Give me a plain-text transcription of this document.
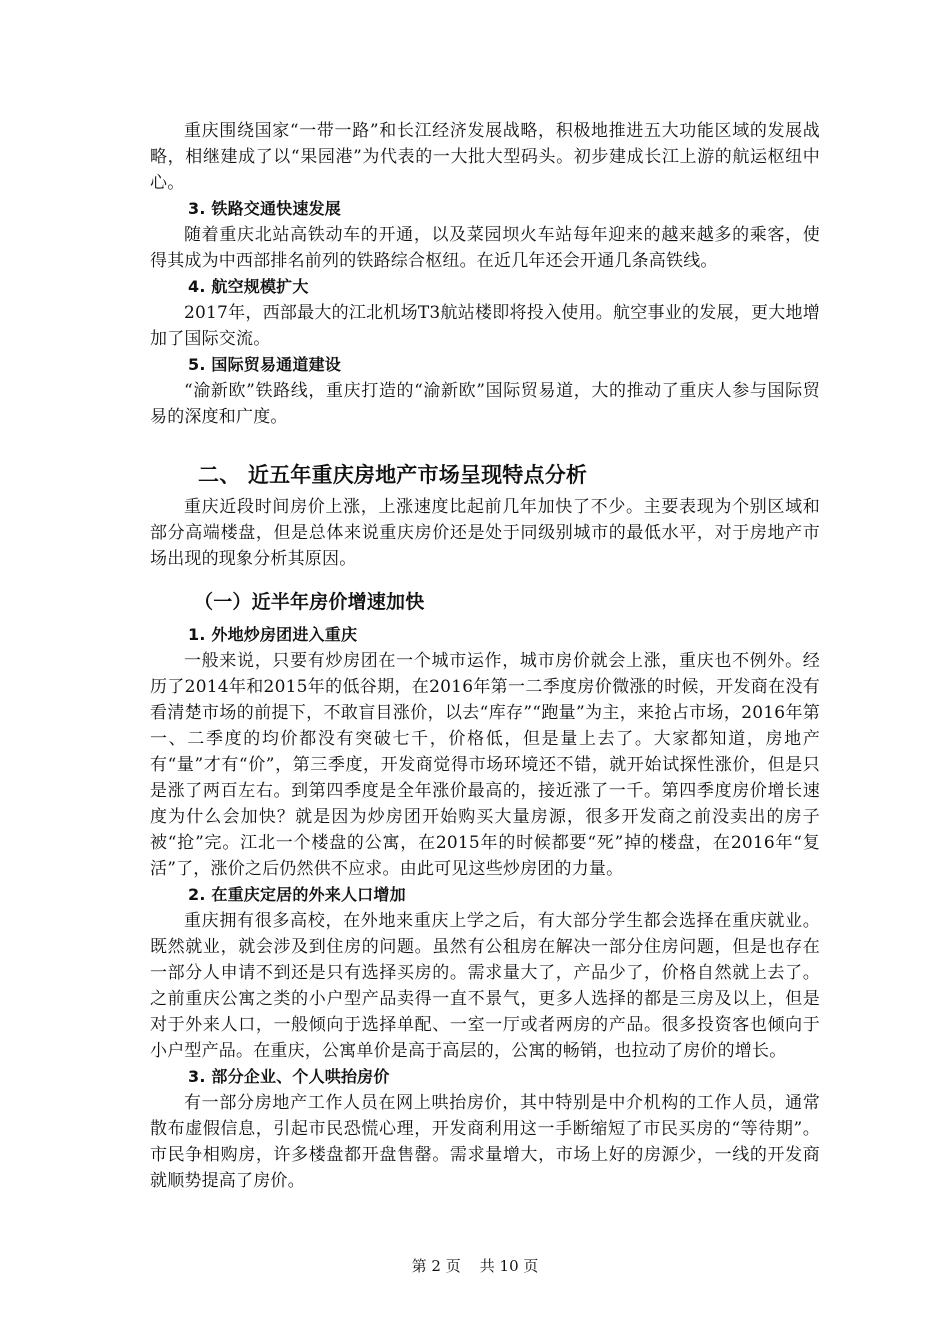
重庆围绕国家“一带一路”和长江经济发展战略，积极地推进五大功能区域的发展战略，相继建成了以“果园港”为代表的一大批大型码头。初步建成长江上游的航运枢纽中心。

3. 铁路交通快速发展

随着重庆北站高铁动车的开通，以及菜园坝火车站每年迎来的越来越多的乘客，使得其成为中西部排名前列的铁路综合枢纽。在近几年还会开通几条高铁线。

4. 航空规模扩大

2017年，西部最大的江北机场T3航站楼即将投入使用。航空事业的发展，更大地增加了国际交流。

5. 国际贸易通道建设

“渝新欧”铁路线，重庆打造的“渝新欧”国际贸易道，大的推动了重庆人参与国际贸易的深度和广度。

二、 近五年重庆房地产市场呈现特点分析

重庆近段时间房价上涨，上涨速度比起前几年加快了不少。主要表现为个别区域和部分高端楼盘，但是总体来说重庆房价还是处于同级别城市的最低水平，对于房地产市场出现的现象分析其原因。

（一）近半年房价增速加快

1. 外地炒房团进入重庆

一般来说，只要有炒房团在一个城市运作，城市房价就会上涨，重庆也不例外。经历了2014年和2015年的低谷期，在2016年第一二季度房价微涨的时候，开发商在没有看清楚市场的前提下，不敢盲目涨价，以去“库存”“跑量”为主，来抢占市场，2016年第一、二季度的均价都没有突破七千，价格低，但是量上去了。大家都知道，房地产有“量”才有“价”，第三季度，开发商觉得市场环境还不错，就开始试探性涨价，但是只是涨了两百左右。到第四季度是全年涨价最高的，接近涨了一千。第四季度房价增长速度为什么会加快？就是因为炒房团开始购买大量房源，很多开发商之前没卖出的房子被“抢”完。江北一个楼盘的公寓，在2015年的时候都要“死”掉的楼盘，在2016年“复活”了，涨价之后仍然供不应求。由此可见这些炒房团的力量。

2. 在重庆定居的外来人口增加

重庆拥有很多高校，在外地来重庆上学之后，有大部分学生都会选择在重庆就业。既然就业，就会涉及到住房的问题。虽然有公租房在解决一部分住房问题，但是也存在一部分人申请不到还是只有选择买房的。需求量大了，产品少了，价格自然就上去了。之前重庆公寓之类的小户型产品卖得一直不景气，更多人选择的都是三房及以上，但是对于外来人口，一般倾向于选择单配、一室一厅或者两房的产品。很多投资客也倾向于小户型产品。在重庆，公寓单价是高于高层的，公寓的畅销，也拉动了房价的增长。

3. 部分企业、个人哄抬房价

有一部分房地产工作人员在网上哄抬房价，其中特别是中介机构的工作人员，通常散布虚假信息，引起市民恐慌心理，开发商利用这一手断缩短了市民买房的“等待期”。市民争相购房，许多楼盘都开盘售罄。需求量增大，市场上好的房源少，一线的开发商就顺势提高了房价。

第 2 页    共 10 页
